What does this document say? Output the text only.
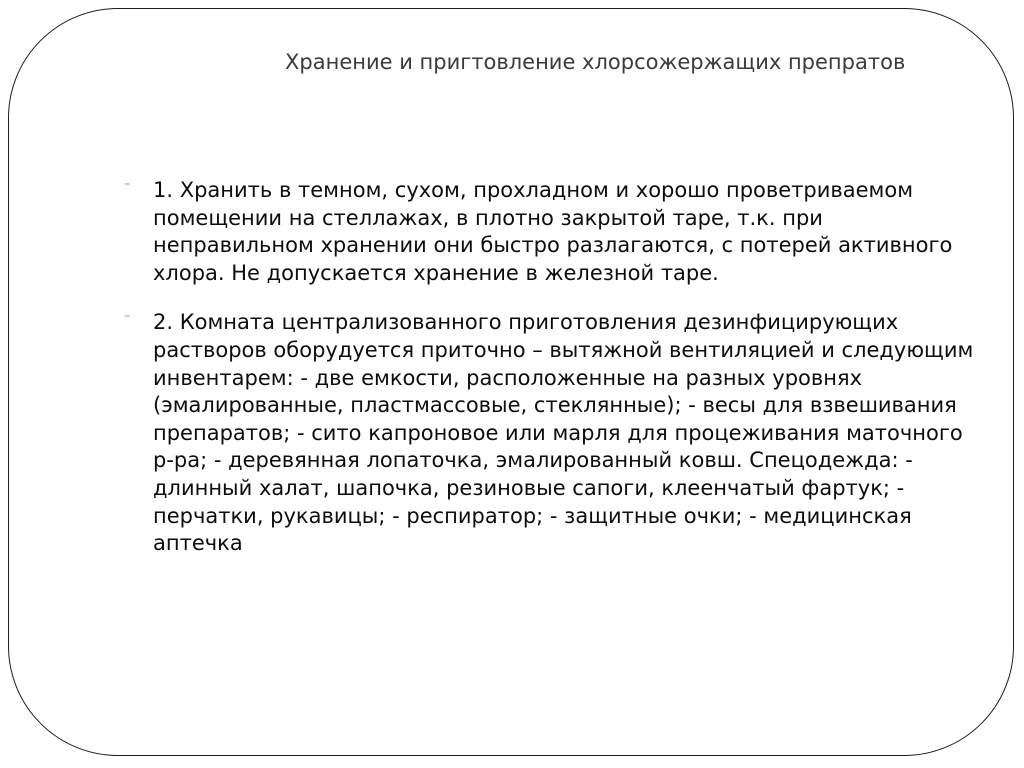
Хранение и пригтовление хлорсожержащих препратов
⁼ 1. Хранить в темном, сухом, прохладном и хорошо проветриваемом помещении на стеллажах, в плотно закрытой таре, т.к. при неправильном хранении они быстро разлагаются, с потерей активного хлора. Не допускается хранение в железной таре.
⁼ 2. Комната централизованного приготовления дезинфицирующих растворов оборудуется приточно – вытяжной вентиляцией и следующим инвентарем: - две емкости, расположенные на разных уровнях (эмалированные, пластмассовые, стеклянные); - весы для взвешивания препаратов; - сито капроновое или марля для процеживания маточного р-ра; - деревянная лопаточка, эмалированный ковш. Спецодежда: - длинный халат, шапочка, резиновые сапоги, клеенчатый фартук; - перчатки, рукавицы; - респиратор; - защитные очки; - медицинская аптечка
